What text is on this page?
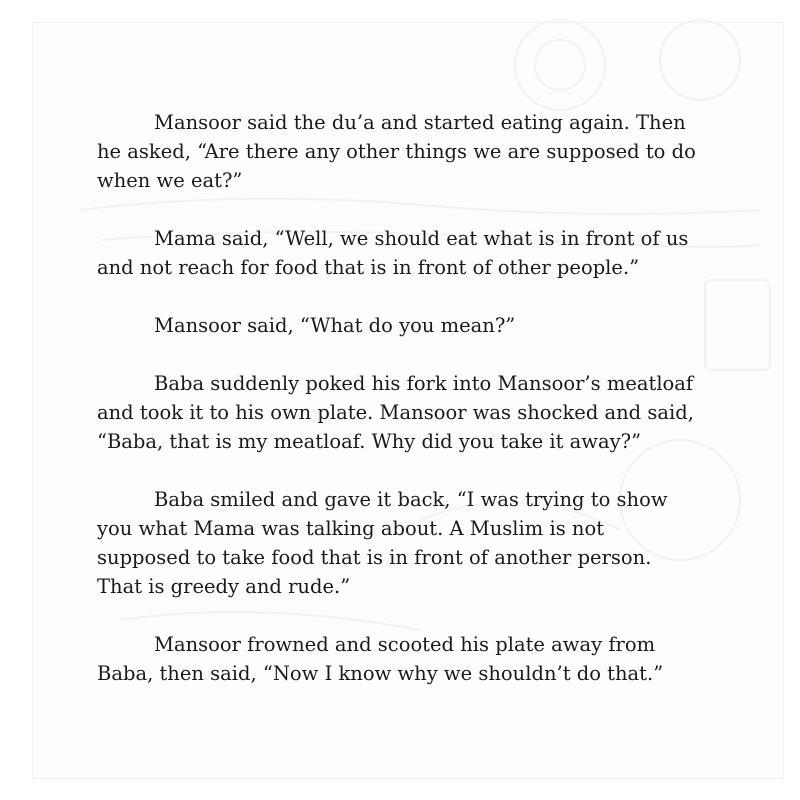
Mansoor said the du’a and started eating again. Then he asked, “Are there any other things we are supposed to do when we eat?”

Mama said, “Well, we should eat what is in front of us and not reach for food that is in front of other people.”

Mansoor said, “What do you mean?”

Baba suddenly poked his fork into Mansoor’s meatloaf and took it to his own plate. Mansoor was shocked and said, “Baba, that is my meatloaf. Why did you take it away?”

Baba smiled and gave it back, “I was trying to show you what Mama was talking about. A Muslim is not supposed to take food that is in front of another person. That is greedy and rude.”

Mansoor frowned and scooted his plate away from Baba, then said, “Now I know why we shouldn’t do that.”
